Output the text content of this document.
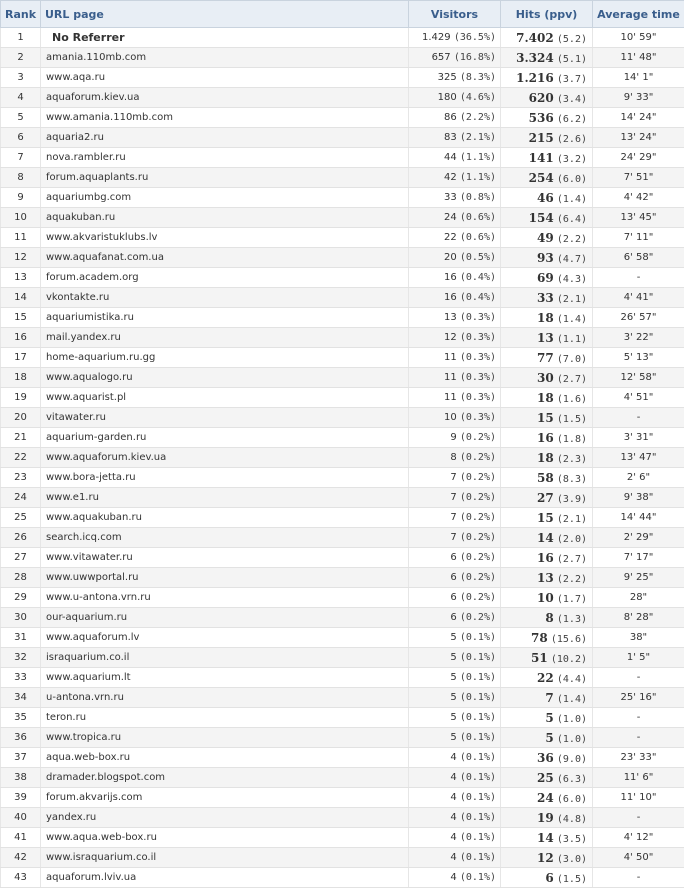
Rank	URL page	Visitors	Hits (ppv)	Average time
1	No Referrer	1.429 (36.5%)	7.402 (5.2)	10' 59"
2	amania.110mb.com	657 (16.8%)	3.324 (5.1)	11' 48"
3	www.aqa.ru	325 (8.3%)	1.216 (3.7)	14' 1"
4	aquaforum.kiev.ua	180 (4.6%)	620 (3.4)	9' 33"
5	www.amania.110mb.com	86 (2.2%)	536 (6.2)	14' 24"
6	aquaria2.ru	83 (2.1%)	215 (2.6)	13' 24"
7	nova.rambler.ru	44 (1.1%)	141 (3.2)	24' 29"
8	forum.aquaplants.ru	42 (1.1%)	254 (6.0)	7' 51"
9	aquariumbg.com	33 (0.8%)	46 (1.4)	4' 42"
10	aquakuban.ru	24 (0.6%)	154 (6.4)	13' 45"
11	www.akvaristuklubs.lv	22 (0.6%)	49 (2.2)	7' 11"
12	www.aquafanat.com.ua	20 (0.5%)	93 (4.7)	6' 58"
13	forum.academ.org	16 (0.4%)	69 (4.3)	-
14	vkontakte.ru	16 (0.4%)	33 (2.1)	4' 41"
15	aquariumistika.ru	13 (0.3%)	18 (1.4)	26' 57"
16	mail.yandex.ru	12 (0.3%)	13 (1.1)	3' 22"
17	home-aquarium.ru.gg	11 (0.3%)	77 (7.0)	5' 13"
18	www.aqualogo.ru	11 (0.3%)	30 (2.7)	12' 58"
19	www.aquarist.pl	11 (0.3%)	18 (1.6)	4' 51"
20	vitawater.ru	10 (0.3%)	15 (1.5)	-
21	aquarium-garden.ru	9 (0.2%)	16 (1.8)	3' 31"
22	www.aquaforum.kiev.ua	8 (0.2%)	18 (2.3)	13' 47"
23	www.bora-jetta.ru	7 (0.2%)	58 (8.3)	2' 6"
24	www.e1.ru	7 (0.2%)	27 (3.9)	9' 38"
25	www.aquakuban.ru	7 (0.2%)	15 (2.1)	14' 44"
26	search.icq.com	7 (0.2%)	14 (2.0)	2' 29"
27	www.vitawater.ru	6 (0.2%)	16 (2.7)	7' 17"
28	www.uwwportal.ru	6 (0.2%)	13 (2.2)	9' 25"
29	www.u-antona.vrn.ru	6 (0.2%)	10 (1.7)	28"
30	our-aquarium.ru	6 (0.2%)	8 (1.3)	8' 28"
31	www.aquaforum.lv	5 (0.1%)	78 (15.6)	38"
32	israquarium.co.il	5 (0.1%)	51 (10.2)	1' 5"
33	www.aquarium.lt	5 (0.1%)	22 (4.4)	-
34	u-antona.vrn.ru	5 (0.1%)	7 (1.4)	25' 16"
35	teron.ru	5 (0.1%)	5 (1.0)	-
36	www.tropica.ru	5 (0.1%)	5 (1.0)	-
37	aqua.web-box.ru	4 (0.1%)	36 (9.0)	23' 33"
38	dramader.blogspot.com	4 (0.1%)	25 (6.3)	11' 6"
39	forum.akvarijs.com	4 (0.1%)	24 (6.0)	11' 10"
40	yandex.ru	4 (0.1%)	19 (4.8)	-
41	www.aqua.web-box.ru	4 (0.1%)	14 (3.5)	4' 12"
42	www.israquarium.co.il	4 (0.1%)	12 (3.0)	4' 50"
43	aquaforum.lviv.ua	4 (0.1%)	6 (1.5)	-
